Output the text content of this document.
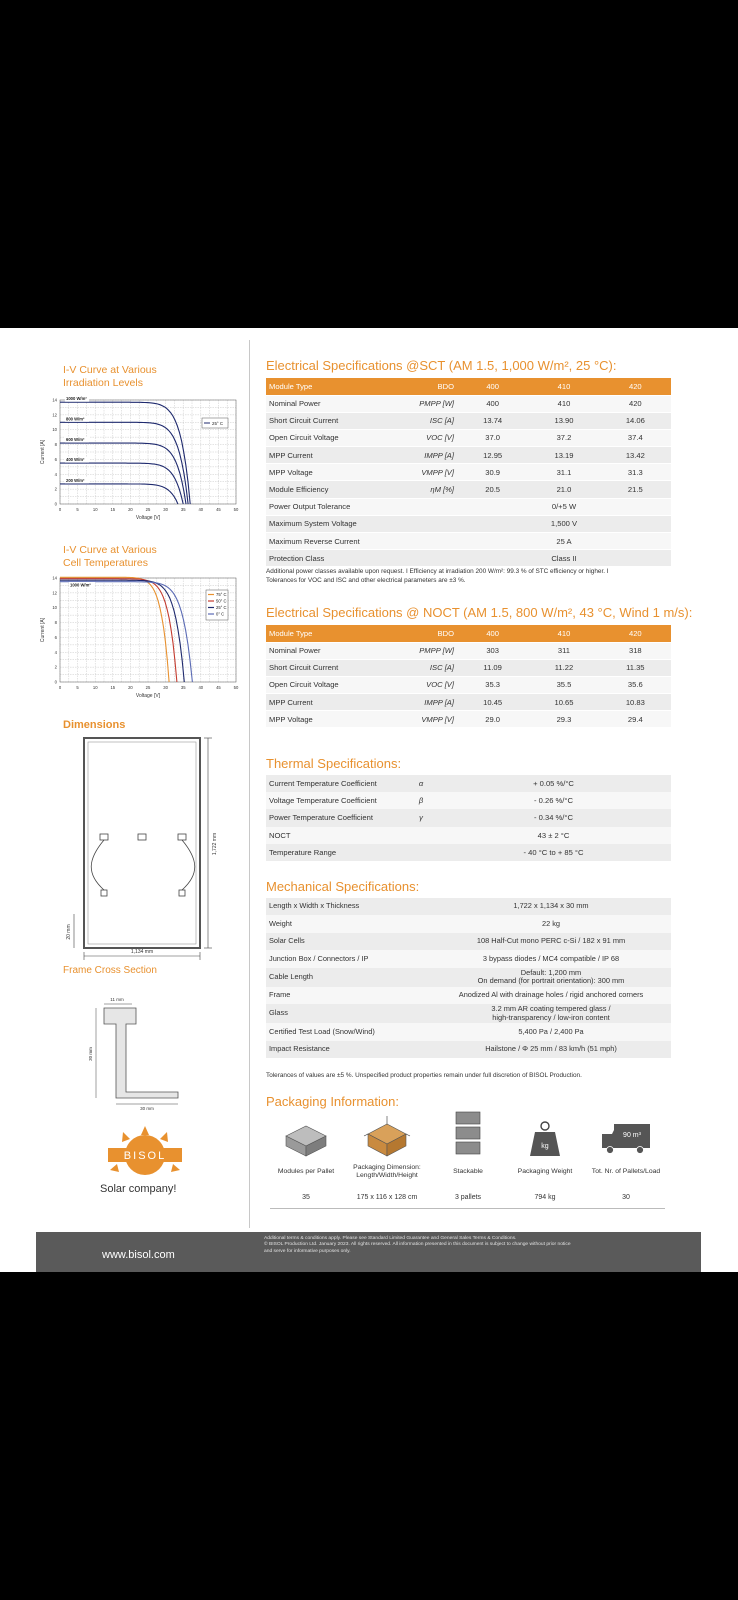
I-V Curve at Various
Irradiation Levels
0	5	10	15	20	25	30	35	40	45	50
0
2
4
6
8
10
12
14
Voltage [V]
Current [A]
1000 W/m²
800 W/m²
600 W/m²
400 W/m²
200 W/m²
25° C
I-V Curve at Various
Cell Temperatures
0	5	10	15	20	25	30	35	40	45	50
0
2
4
6
8
10
12
14
Voltage [V]
Current [A]
1000 W/m²
75° C
50° C
25° C
0° C
Dimensions
1,134 mm
1,722 mm
20 mm
Frame Cross Section
11 mm
30 mm
30 mm
BISOL
Solar company!
Electrical Specifications @SCT (AM 1.5, 1,000 W/m², 25 °C):
Module Type	BDO	400	410	420
Nominal Power	PMPP [W]	400	410	420
Short Circuit Current	ISC [A]	13.74	13.90	14.06
Open Circuit Voltage	VOC [V]	37.0	37.2	37.4
MPP Current	IMPP [A]	12.95	13.19	13.42
MPP Voltage	VMPP [V]	30.9	31.1	31.3
Module Efficiency	ηM [%]	20.5	21.0	21.5
Power Output Tolerance		0/+5 W		
Maximum System Voltage		1,500 V		
Maximum Reverse Current		25 A		
Protection Class		Class II		
Additional power classes available upon request. I Efficiency at irradiation 200 W/m²: 99.3 % of STC efficiency or higher. I
Tolerances for VOC and ISC and other electrical parameters are ±3 %.
Electrical Specifications @ NOCT (AM 1.5, 800 W/m², 43 °C, Wind 1 m/s):
Module Type	BDO	400	410	420
Nominal Power	PMPP [W]	303	311	318
Short Circuit Current	ISC [A]	11.09	11.22	11.35
Open Circuit Voltage	VOC [V]	35.3	35.5	35.6
MPP Current	IMPP [A]	10.45	10.65	10.83
MPP Voltage	VMPP [V]	29.0	29.3	29.4
Thermal Specifications:
Current Temperature Coefficient	α	+ 0.05 %/°C
Voltage Temperature Coefficient	β	- 0.26 %/°C
Power Temperature Coefficient	γ	- 0.34 %/°C
NOCT		43 ± 2 °C
Temperature Range		- 40 °C to + 85 °C
Mechanical Specifications:
Length x Width x Thickness	1,722 x 1,134 x 30 mm

Weight	22 kg

Solar Cells	108 Half-Cut mono PERC c-Si / 182 x 91 mm

Junction Box / Connectors / IP	3 bypass diodes / MC4 compatible / IP 68

Cable Length	Default: 1,200 mm
On demand (for portrait orientation): 300 mm

Frame	Anodized Al with drainage holes / rigid anchored corners

Glass	3.2 mm AR coating tempered glass /
high-transparency / low-iron content

Certified Test Load (Snow/Wind)	5,400 Pa / 2,400 Pa

Impact Resistance	Hailstone / Φ 25 mm / 83 km/h (51 mph)
Tolerances of values are ±5 %. Unspecified product properties remain under full discretion of BISOL Production.
Packaging Information:
kg
90 m³
Modules per Pallet
35
Packaging Dimension:
Length/Width/Height
175 x 116 x 128 cm
Stackable
3 pallets
Packaging Weight
794 kg
Tot. Nr. of Pallets/Load
30
www.bisol.com
Additional terms & conditions apply. Please see Standard Limited Guarantee and General Sales Terms & Conditions.
© BISOL Production Ltd. January 2023. All rights reserved. All information presented in this document is subject to change without prior notice
and serve for informative purposes only.
